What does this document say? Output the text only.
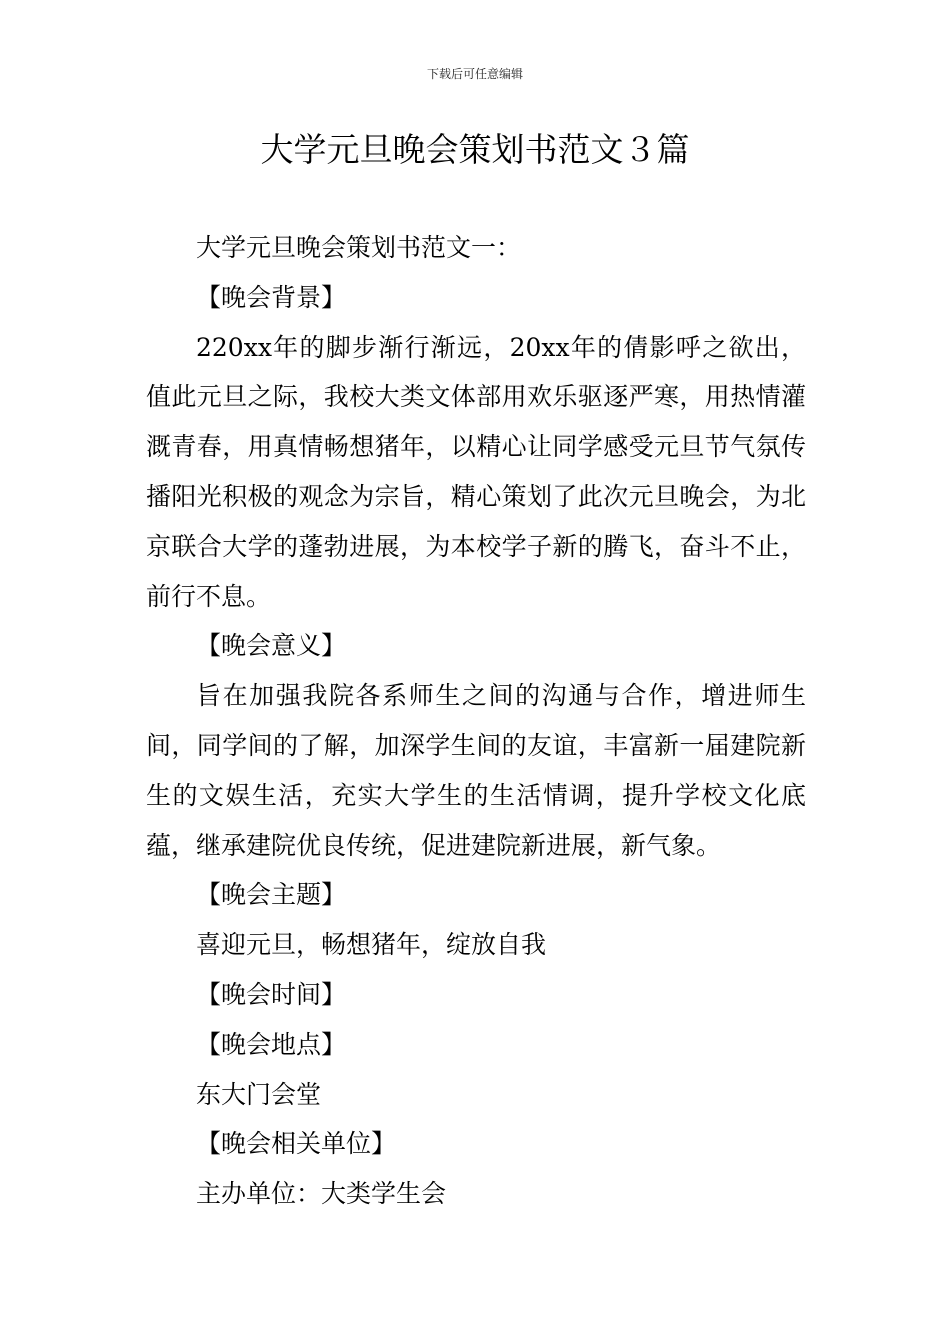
下载后可任意编辑
大学元旦晚会策划书范文３篇

大学元旦晚会策划书范文一：

【晚会背景】

220xx年的脚步渐行渐远，20xx年的倩影呼之欲出，值此元旦之际，我校大类文体部用欢乐驱逐严寒，用热情灌溉青春，用真情畅想猪年，以精心让同学感受元旦节气氛传播阳光积极的观念为宗旨，精心策划了此次元旦晚会，为北京联合大学的蓬勃进展，为本校学子新的腾飞，奋斗不止，前行不息。

【晚会意义】

旨在加强我院各系师生之间的沟通与合作，增进师生间，同学间的了解，加深学生间的友谊，丰富新一届建院新生的文娱生活，充实大学生的生活情调，提升学校文化底蕴，继承建院优良传统，促进建院新进展，新气象。

【晚会主题】

喜迎元旦，畅想猪年，绽放自我

【晚会时间】

【晚会地点】

东大门会堂

【晚会相关单位】

主办单位：大类学生会
